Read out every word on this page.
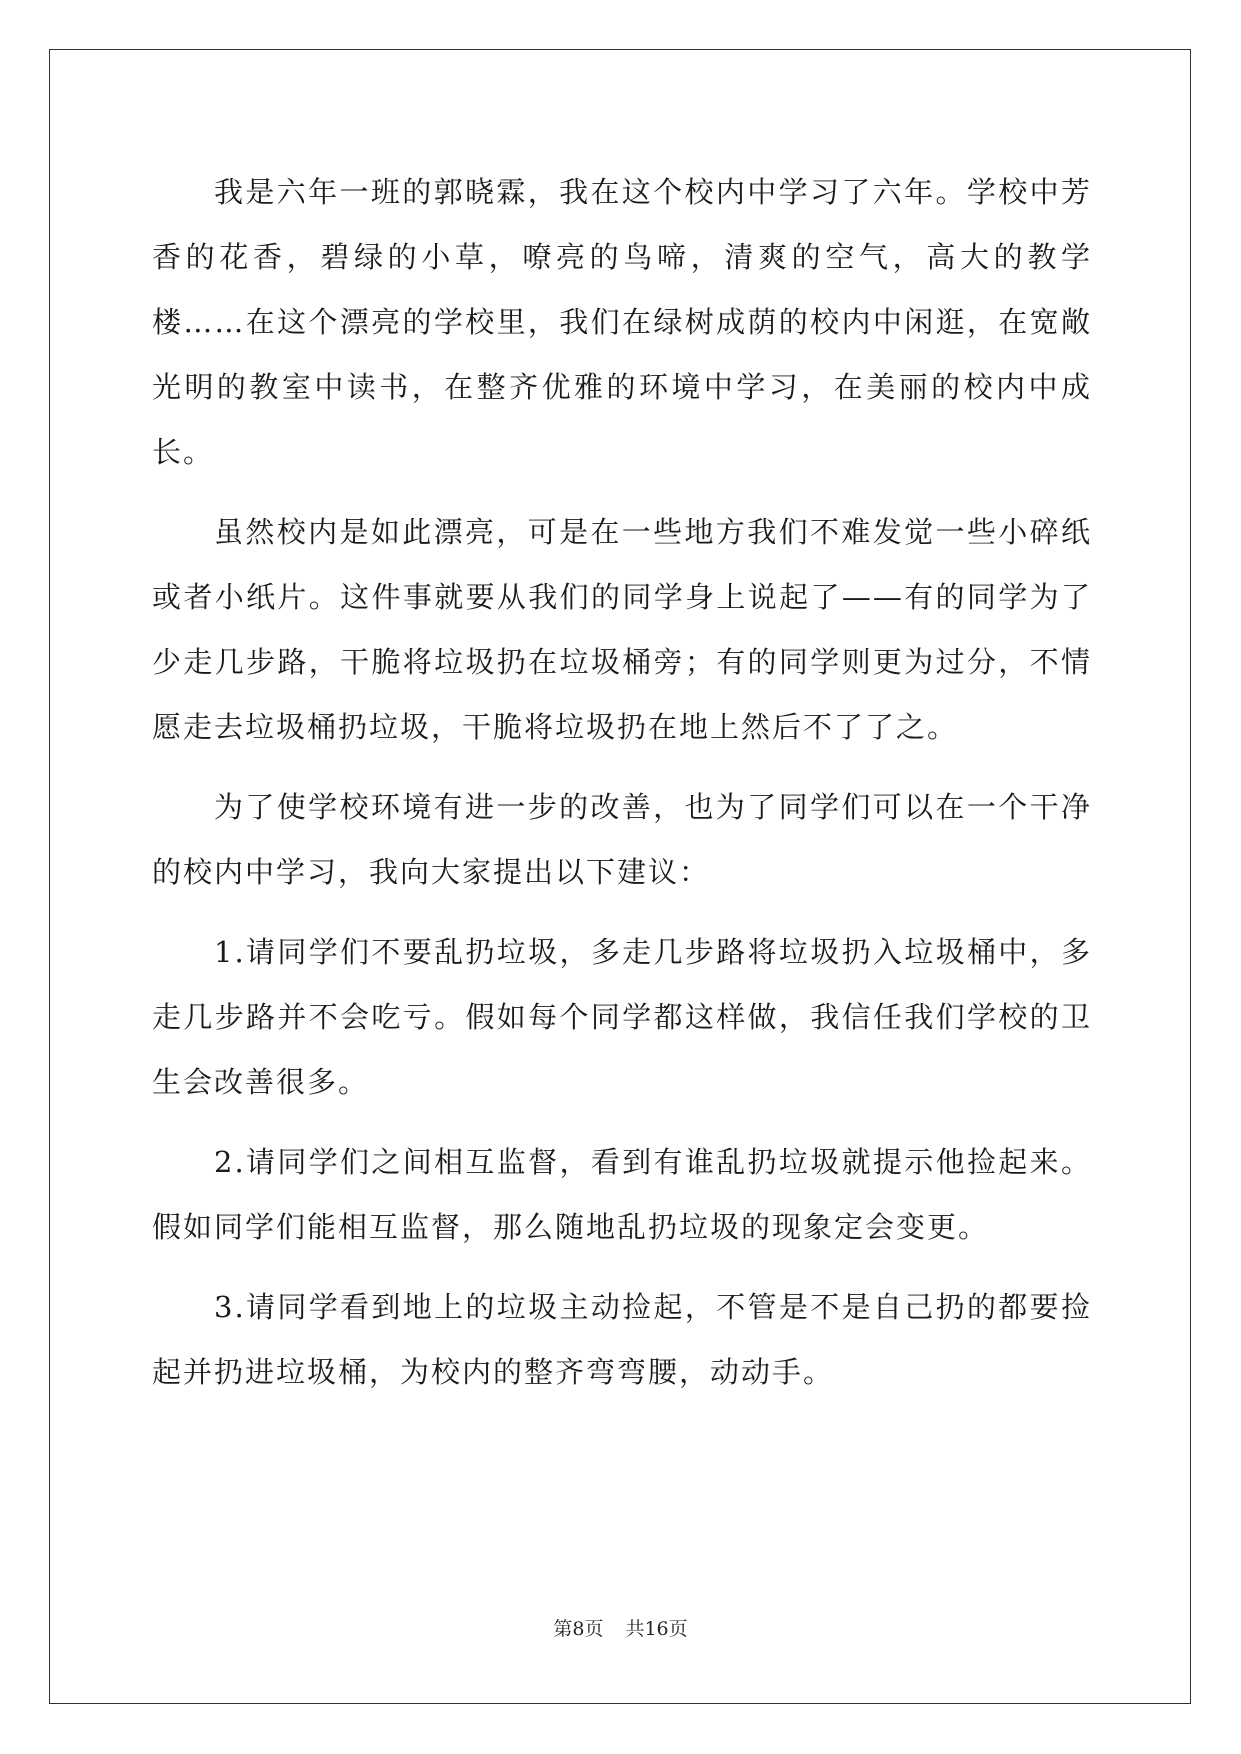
我是六年一班的郭晓霖，我在这个校内中学习了六年。学校中芳香的花香，碧绿的小草，嘹亮的鸟啼，清爽的空气，高大的教学楼……在这个漂亮的学校里，我们在绿树成荫的校内中闲逛，在宽敞光明的教室中读书，在整齐优雅的环境中学习，在美丽的校内中成长。

虽然校内是如此漂亮，可是在一些地方我们不难发觉一些小碎纸或者小纸片。这件事就要从我们的同学身上说起了——有的同学为了少走几步路，干脆将垃圾扔在垃圾桶旁；有的同学则更为过分，不情愿走去垃圾桶扔垃圾，干脆将垃圾扔在地上然后不了了之。

为了使学校环境有进一步的改善，也为了同学们可以在一个干净的校内中学习，我向大家提出以下建议：

1.请同学们不要乱扔垃圾，多走几步路将垃圾扔入垃圾桶中，多走几步路并不会吃亏。假如每个同学都这样做，我信任我们学校的卫生会改善很多。

2.请同学们之间相互监督，看到有谁乱扔垃圾就提示他捡起来。假如同学们能相互监督，那么随地乱扔垃圾的现象定会变更。

3.请同学看到地上的垃圾主动捡起，不管是不是自己扔的都要捡起并扔进垃圾桶，为校内的整齐弯弯腰，动动手。

第8页 共16页
